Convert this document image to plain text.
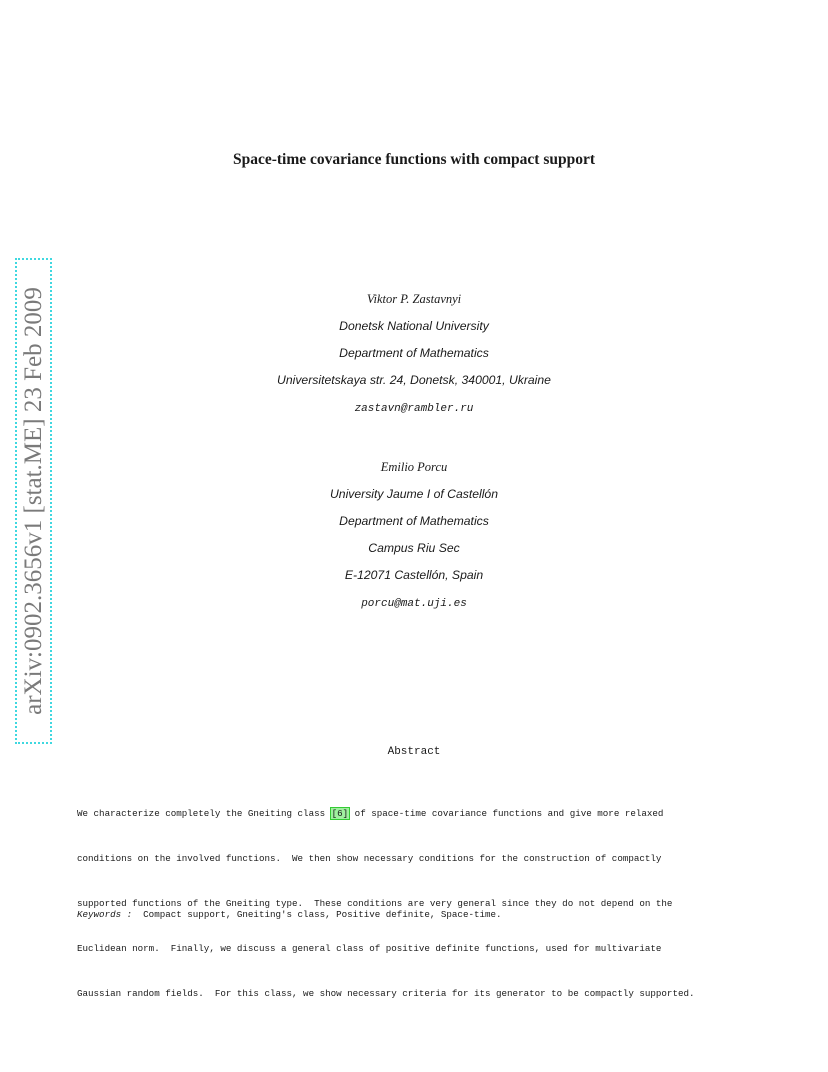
arXiv:0902.3656v1 [stat.ME] 23 Feb 2009
Space-time covariance functions with compact support
Viktor P. Zastavnyi
Donetsk National University
Department of Mathematics
Universitetskaya str. 24, Donetsk, 340001, Ukraine
zastavn@rambler.ru
Emilio Porcu
University Jaume I of Castellón
Department of Mathematics
Campus Riu Sec
E-12071 Castellón, Spain
porcu@mat.uji.es
Abstract

We characterize completely the Gneiting class [6] of space-time covariance functions and give more relaxed

conditions on the involved functions.  We then show necessary conditions for the construction of compactly

supported functions of the Gneiting type.  These conditions are very general since they do not depend on the

Euclidean norm.  Finally, we discuss a general class of positive definite functions, used for multivariate

Gaussian random fields.  For this class, we show necessary criteria for its generator to be compactly supported.

Keywords :  Compact support, Gneiting's class, Positive definite, Space-time.
